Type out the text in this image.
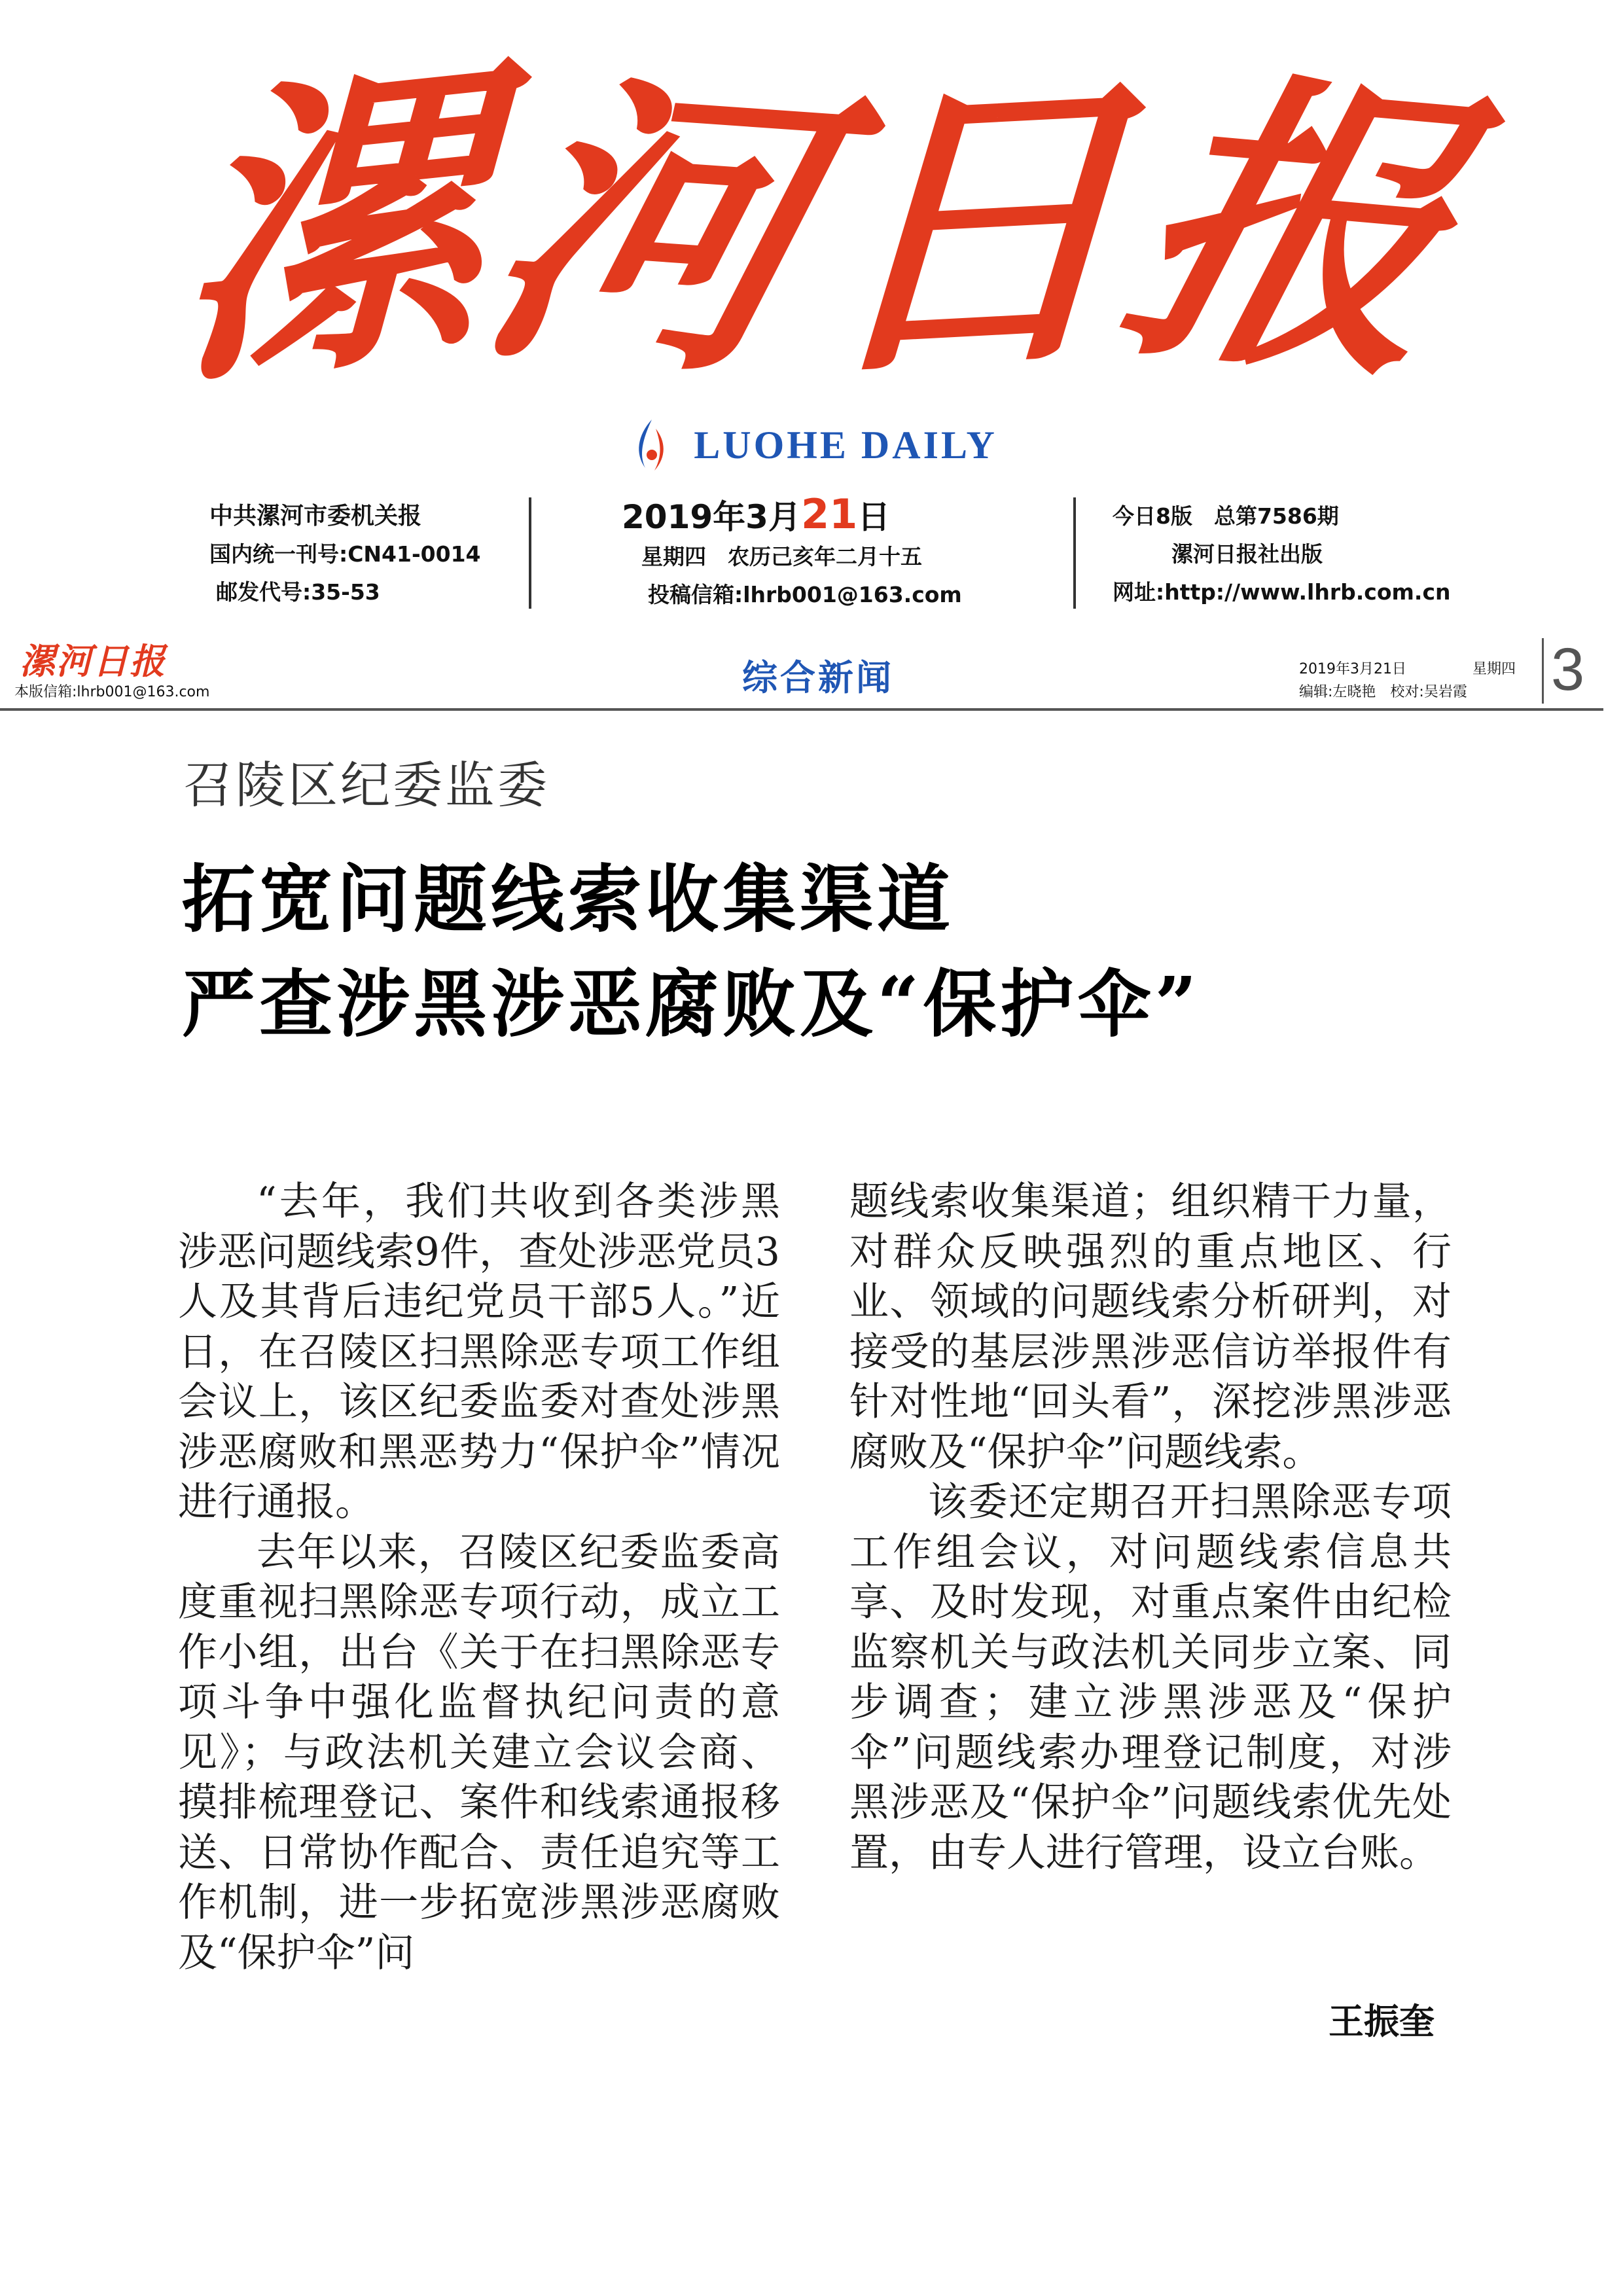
漯
河
日
报
LUOHE DAILY
中共漯河市委机关报
国内统一刊号:CN41-0014
邮发代号:35-53
2019年3月21日
星期四　农历己亥年二月十五
投稿信箱:lhrb001@163.com
今日8版　总第7586期
漯河日报社出版
网址:http://www.lhrb.com.cn
漯河日报
本版信箱:lhrb001@163.com	综合新闻	2019年3月21日	星期四
编辑:左晓艳　校对:吴岩霞 3
召陵区纪委监委
拓宽问题线索收集渠道
严查涉黑涉恶腐败及“保护伞”

“去年，我们共收到各类涉黑涉恶问题线索9件，查处涉恶党员3人及其背后违纪党员干部5人。”近日，在召陵区扫黑除恶专项工作组会议上，该区纪委监委对查处涉黑涉恶腐败和黑恶势力“保护伞”情况进行通报。

去年以来，召陵区纪委监委高度重视扫黑除恶专项行动，成立工作小组，出台《关于在扫黑除恶专项斗争中强化监督执纪问责的意见》；与政法机关建立会议会商、摸排梳理登记、案件和线索通报移送、日常协作配合、责任追究等工作机制，进一步拓宽涉黑涉恶腐败及“保护伞”问

题线索收集渠道；组织精干力量，对群众反映强烈的重点地区、行业、领域的问题线索分析研判，对接受的基层涉黑涉恶信访举报件有针对性地“回头看”，深挖涉黑涉恶腐败及“保护伞”问题线索。

该委还定期召开扫黑除恶专项工作组会议，对问题线索信息共享、及时发现，对重点案件由纪检监察机关与政法机关同步立案、同步调查；建立涉黑涉恶及“保护伞”问题线索办理登记制度，对涉黑涉恶及“保护伞”问题线索优先处置，由专人进行管理，设立台账。

王振奎
